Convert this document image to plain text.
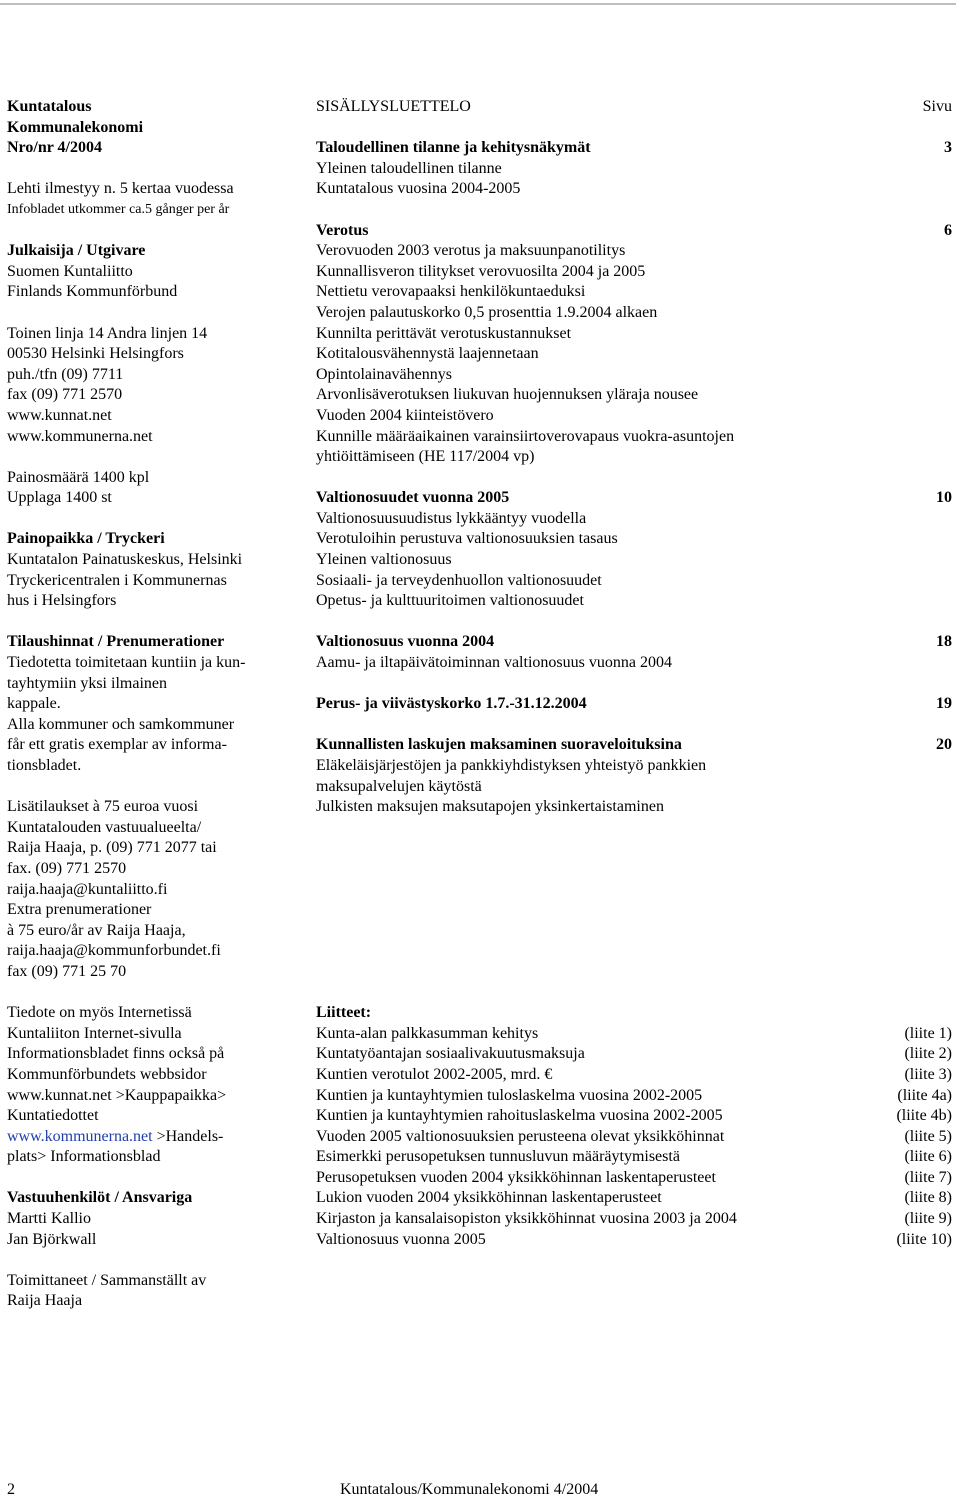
Kuntatalous
Kommunalekonomi
Nro/nr 4/2004
Lehti ilmestyy n. 5 kertaa vuodessa
Infobladet utkommer ca.5 gånger per år
Julkaisija / Utgivare
Suomen Kuntaliitto
Finlands Kommunförbund
Toinen linja 14 Andra linjen 14
00530 Helsinki Helsingfors
puh./tfn (09) 7711
fax (09) 771 2570
www.kunnat.net
www.kommunerna.net
Painosmäärä 1400 kpl
Upplaga 1400 st
Painopaikka / Tryckeri
Kuntatalon Painatuskeskus, Helsinki
Tryckericentralen i Kommunernas
hus i Helsingfors
Tilaushinnat / Prenumerationer
Tiedotetta toimitetaan kuntiin ja kun-
tayhtymiin yksi ilmainen
kappale.
Alla kommuner och samkommuner
får ett gratis exemplar av informa-
tionsbladet.
Lisätilaukset à 75 euroa vuosi
Kuntatalouden vastuualueelta/
Raija Haaja, p. (09) 771 2077 tai
fax. (09) 771 2570
raija.haaja@kuntaliitto.fi
Extra prenumerationer
à 75 euro/år av Raija Haaja,
raija.haaja@kommunforbundet.fi
fax (09) 771 25 70
Tiedote on myös Internetissä
Kuntaliiton Internet-sivulla
Informationsbladet finns också på
Kommunförbundets webbsidor
www.kunnat.net >Kauppapaikka>
Kuntatiedottet
www.kommunerna.net >Handels-
plats> Informationsblad
Vastuuhenkilöt / Ansvariga
Martti Kallio
Jan Björkwall
Toimittaneet / Sammanställt av
Raija Haaja
SISÄLLYSLUETTELO	Sivu
Taloudellinen tilanne ja kehitysnäkymät	3
Yleinen taloudellinen tilanne
Kuntatalous vuosina 2004-2005
Verotus	6
Verovuoden 2003 verotus ja maksuunpanotilitys
Kunnallisveron tilitykset verovuosilta 2004 ja 2005
Nettietu verovapaaksi henkilökuntaeduksi
Verojen palautuskorko 0,5 prosenttia 1.9.2004 alkaen
Kunnilta perittävät verotuskustannukset
Kotitalousvähennystä laajennetaan
Opintolainavähennys
Arvonlisäverotuksen liukuvan huojennuksen yläraja nousee
Vuoden 2004 kiinteistövero
Kunnille määräaikainen varainsiirtoverovapaus vuokra-asuntojen
yhtiöittämiseen (HE 117/2004 vp)
Valtionosuudet vuonna 2005	10
Valtionosuusuudistus lykkääntyy vuodella
Verotuloihin perustuva valtionosuuksien tasaus
Yleinen valtionosuus
Sosiaali- ja terveydenhuollon valtionosuudet
Opetus- ja kulttuuritoimen valtionosuudet
Valtionosuus vuonna 2004	18
Aamu- ja iltapäivätoiminnan valtionosuus vuonna 2004
Perus- ja viivästyskorko 1.7.-31.12.2004	19
Kunnallisten laskujen maksaminen suoraveloituksina	20
Eläkeläisjärjestöjen ja pankkiyhdistyksen yhteistyö pankkien
maksupalvelujen käytöstä
Julkisten maksujen maksutapojen yksinkertaistaminen
Liitteet:
Kunta-alan palkkasumman kehitys	(liite 1)
Kuntatyöantajan sosiaalivakuutusmaksuja	(liite 2)
Kuntien verotulot 2002-2005, mrd. €	(liite 3)
Kuntien ja kuntayhtymien tuloslaskelma vuosina 2002-2005	(liite 4a)
Kuntien ja kuntayhtymien rahoituslaskelma vuosina 2002-2005	(liite 4b)
Vuoden 2005 valtionosuuksien perusteena olevat yksikköhinnat	(liite 5)
Esimerkki perusopetuksen tunnusluvun määräytymisestä	(liite 6)
Perusopetuksen vuoden 2004 yksikköhinnan laskentaperusteet	(liite 7)
Lukion vuoden 2004 yksikköhinnan laskentaperusteet	(liite 8)
Kirjaston ja kansalaisopiston yksikköhinnat vuosina 2003 ja 2004	(liite 9)
Valtionosuus vuonna 2005	(liite 10)
2	Kuntatalous/Kommunalekonomi 4/2004
